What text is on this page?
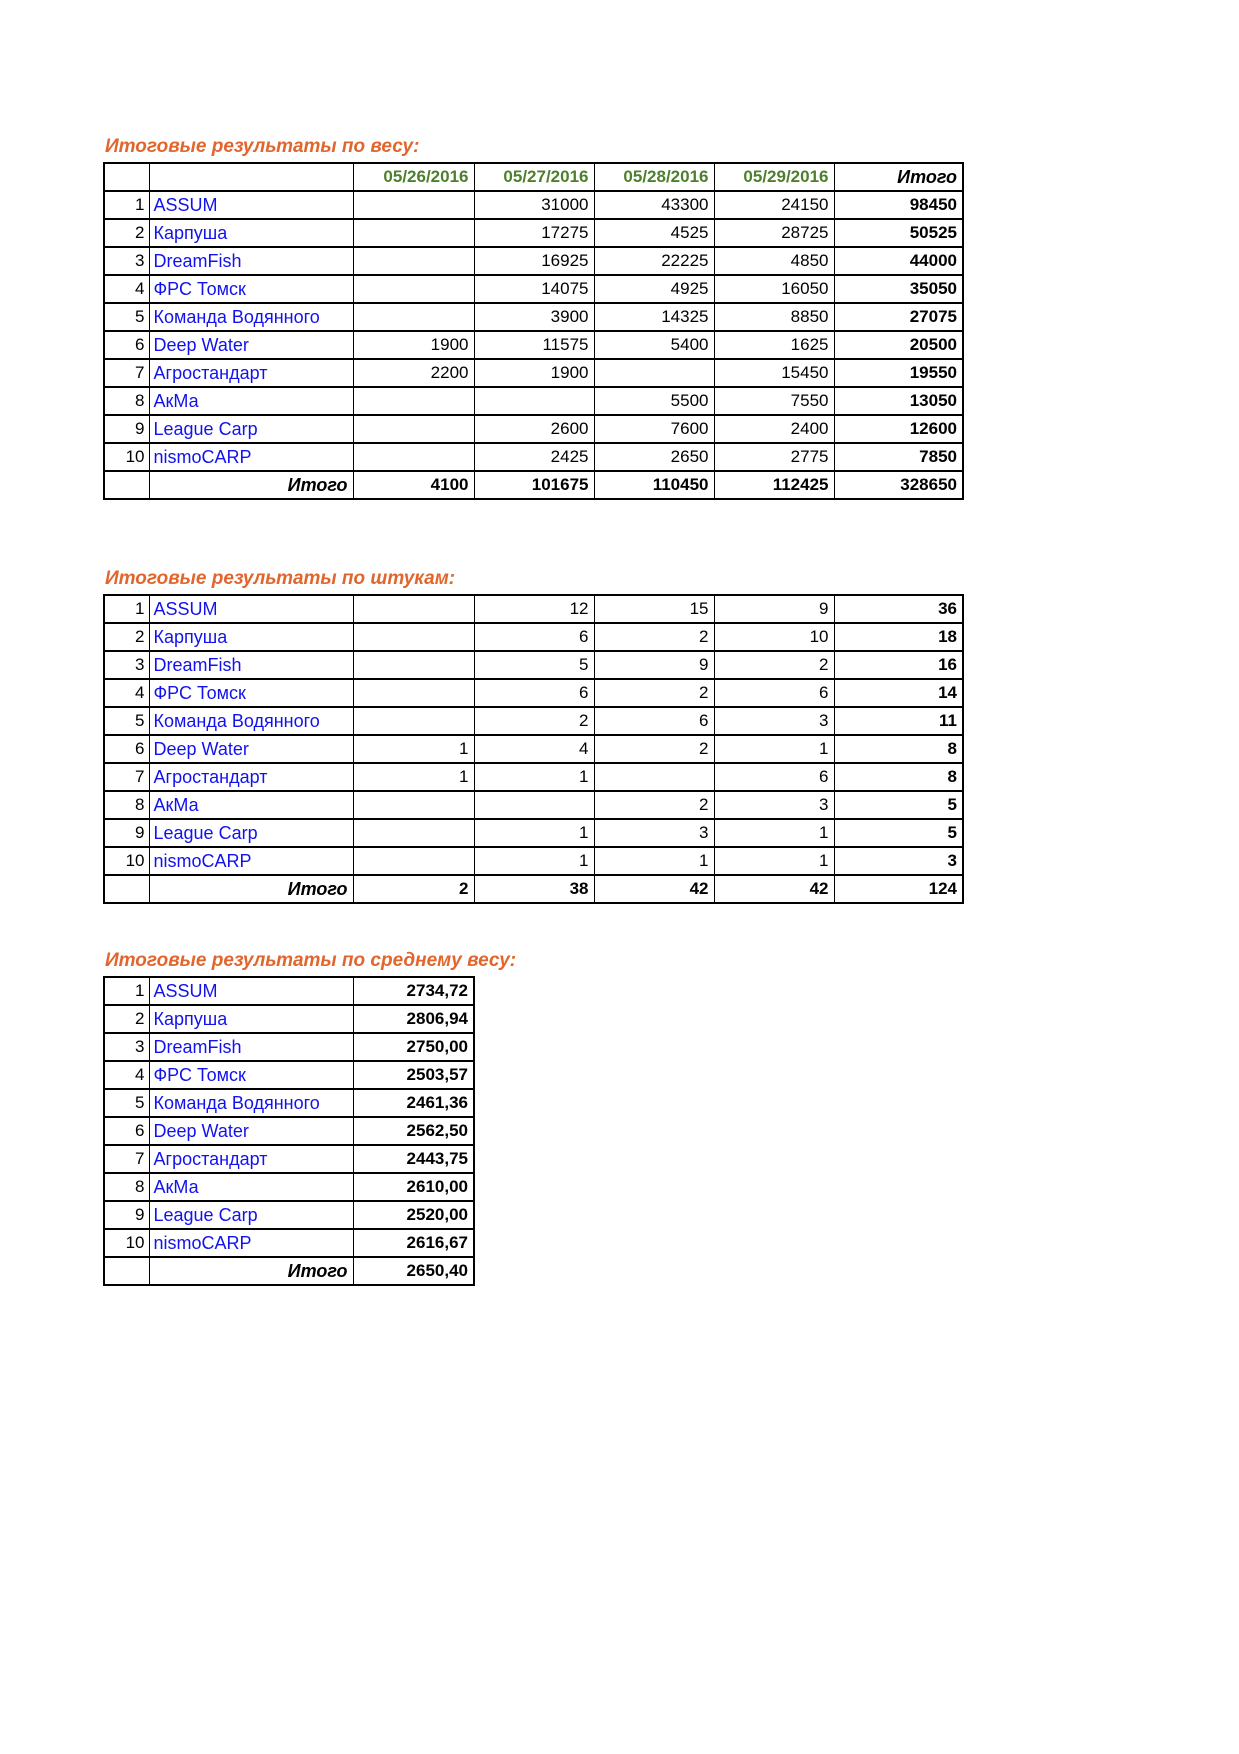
Итоговые результаты по весу:
		05/26/2016	05/27/2016	05/28/2016	05/29/2016	Итого
1	ASSUM		31000	43300	24150	98450
2	Карпуша		17275	4525	28725	50525
3	DreamFish		16925	22225	4850	44000
4	ФРС Томск		14075	4925	16050	35050
5	Команда Водянного		3900	14325	8850	27075
6	Deep Water	1900	11575	5400	1625	20500
7	Агростандарт	2200	1900		15450	19550
8	АкМа			5500	7550	13050
9	League Carp		2600	7600	2400	12600
10	nismoCARP		2425	2650	2775	7850
	Итого	4100	101675	110450	112425	328650
Итоговые результаты по штукам:
1	ASSUM		12	15	9	36
2	Карпуша		6	2	10	18
3	DreamFish		5	9	2	16
4	ФРС Томск		6	2	6	14
5	Команда Водянного		2	6	3	11
6	Deep Water	1	4	2	1	8
7	Агростандарт	1	1		6	8
8	АкМа			2	3	5
9	League Carp		1	3	1	5
10	nismoCARP		1	1	1	3
	Итого	2	38	42	42	124
Итоговые результаты по среднему весу:
1	ASSUM	2734,72
2	Карпуша	2806,94
3	DreamFish	2750,00
4	ФРС Томск	2503,57
5	Команда Водянного	2461,36
6	Deep Water	2562,50
7	Агростандарт	2443,75
8	АкМа	2610,00
9	League Carp	2520,00
10	nismoCARP	2616,67
	Итого	2650,40
